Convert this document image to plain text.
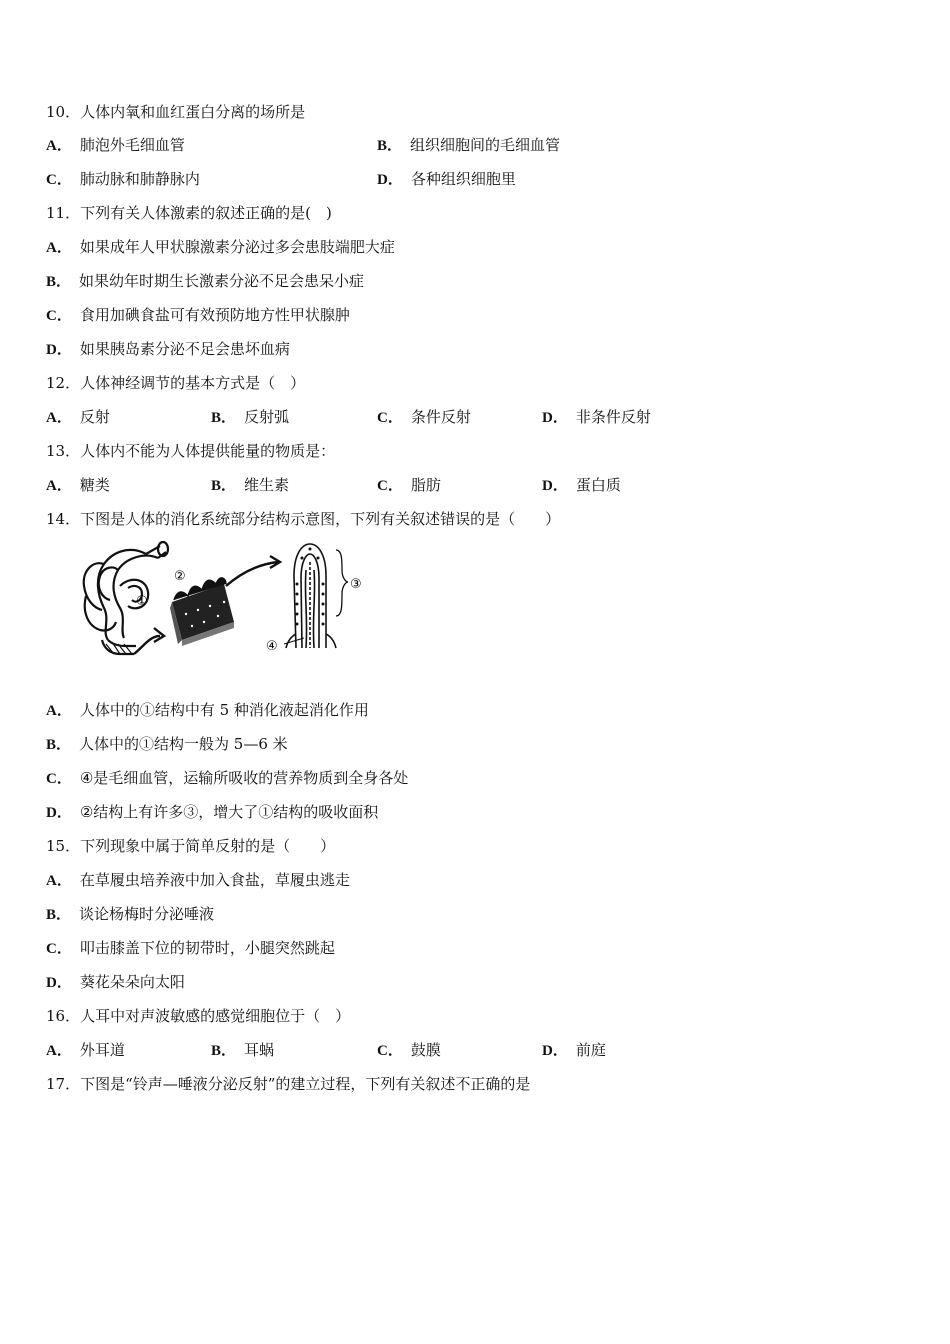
10．人体内氧和血红蛋白分离的场所是
A． 肺泡外毛细血管	B． 组织细胞间的毛细血管
C． 肺动脉和肺静脉内	D． 各种组织细胞里
11．下列有关人体激素的叙述正确的是(　)
A． 如果成年人甲状腺激素分泌过多会患肢端肥大症
B． 如果幼年时期生长激素分泌不足会患呆小症
C． 食用加碘食盐可有效预防地方性甲状腺肿
D． 如果胰岛素分泌不足会患坏血病
12．人体神经调节的基本方式是（　）
A． 反射	B． 反射弧	C． 条件反射	D． 非条件反射
13．人体内不能为人体提供能量的物质是：
A． 糖类	B． 维生素	C． 脂肪	D． 蛋白质
14．下图是人体的消化系统部分结构示意图，下列有关叙述错误的是（　　）
①
②
③
④
A． 人体中的①结构中有 5 种消化液起消化作用
B． 人体中的①结构一般为 5—6 米
C． ④是毛细血管，运输所吸收的营养物质到全身各处
D． ②结构上有许多③，增大了①结构的吸收面积
15．下列现象中属于简单反射的是（　　）
A． 在草履虫培养液中加入食盐，草履虫逃走
B． 谈论杨梅时分泌唾液
C． 叩击膝盖下位的韧带时，小腿突然跳起
D． 葵花朵朵向太阳
16．人耳中对声波敏感的感觉细胞位于（　）
A． 外耳道	B． 耳蜗	C． 鼓膜	D． 前庭
17．下图是“铃声—唾液分泌反射”的建立过程，下列有关叙述不正确的是
